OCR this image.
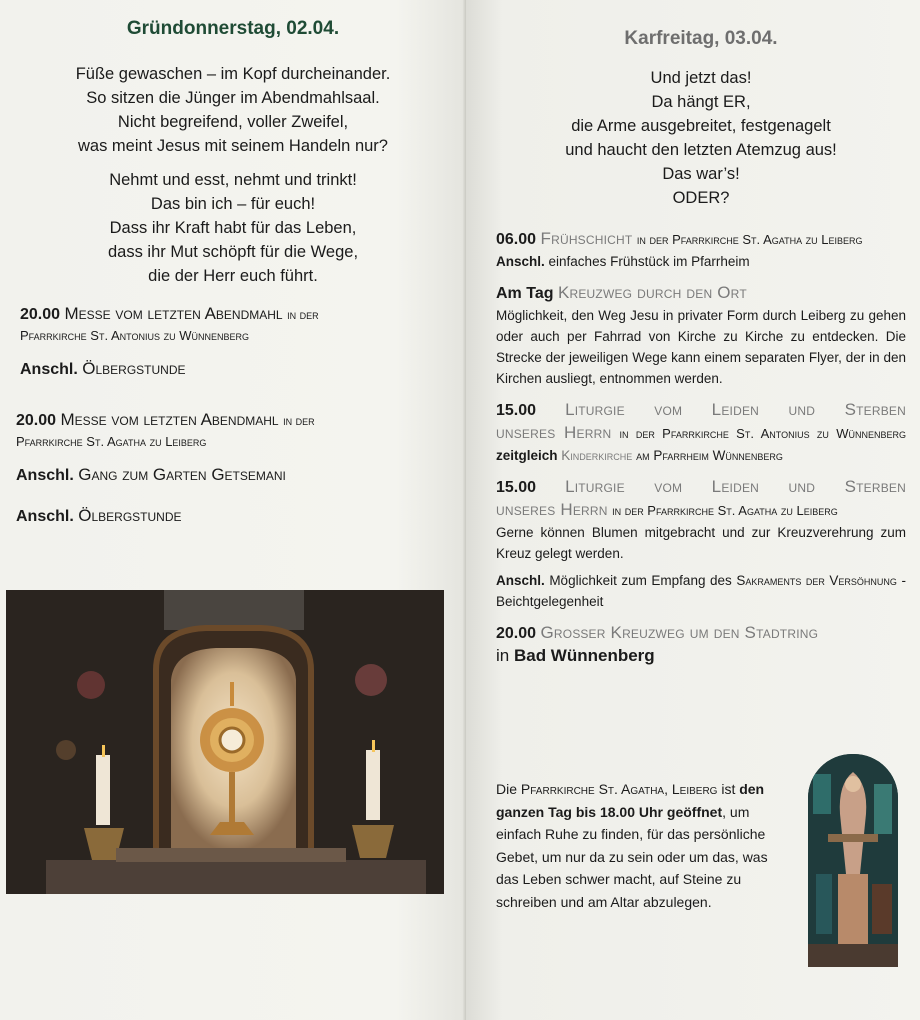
Gründonnerstag, 02.04.

Füße gewaschen – im Kopf durcheinander.
So sitzen die Jünger im Abendmahlsaal.
Nicht begreifend, voller Zweifel,
was meint Jesus mit seinem Handeln nur?

Nehmt und esst, nehmt und trinkt!
Das bin ich – für euch!
Dass ihr Kraft habt für das Leben,
dass ihr Mut schöpft für die Wege,
die der Herr euch führt.

20.00 Messe vom letzten Abendmahl in der
Pfarrkirche St. Antonius zu Wünnenberg
Anschl. Ölbergstunde
20.00 Messe vom letzten Abendmahl in der
Pfarrkirche St. Agatha zu Leiberg
Anschl. Gang zum Garten Getsemani
Anschl. Ölbergstunde
Karfreitag, 03.04.

Und jetzt das!
Da hängt ER,
die Arme ausgebreitet, festgenagelt
und haucht den letzten Atemzug aus!
Das war’s!
ODER?

06.00 Frühschicht in der Pfarrkirche St. Agatha zu Leiberg
Anschl. einfaches Frühstück im Pfarrheim
Am Tag Kreuzweg durch den Ort

Möglichkeit, den Weg Jesu in privater Form durch Leiberg zu gehen oder auch per Fahrrad von Kirche zu Kirche zu entdecken. Die Strecke der jeweiligen Wege kann einem separaten Flyer, der in den Kirchen ausliegt, entnommen werden.

15.00 Liturgie vom Leiden und Sterben
unseres Herrn in der Pfarrkirche St. Antonius zu Wünnenberg
zeitgleich Kinderkirche am Pfarrheim Wünnenberg
15.00 Liturgie vom Leiden und Sterben
unseres Herrn in der Pfarrkirche St. Agatha zu Leiberg

Gerne können Blumen mitgebracht und zur Kreuzverehrung zum Kreuz gelegt werden.

Anschl. Möglichkeit zum Empfang des Sakraments der Versöhnung - Beichtgelegenheit

20.00 Großer Kreuzweg um den Stadtring
in Bad Wünnenberg
Die Pfarrkirche St. Agatha, Leiberg ist den ganzen Tag bis 18.00 Uhr geöffnet, um einfach Ruhe zu finden, für das persönliche Gebet, um nur da zu sein oder um das, was das Leben schwer macht, auf Steine zu schreiben und am Altar abzulegen.
